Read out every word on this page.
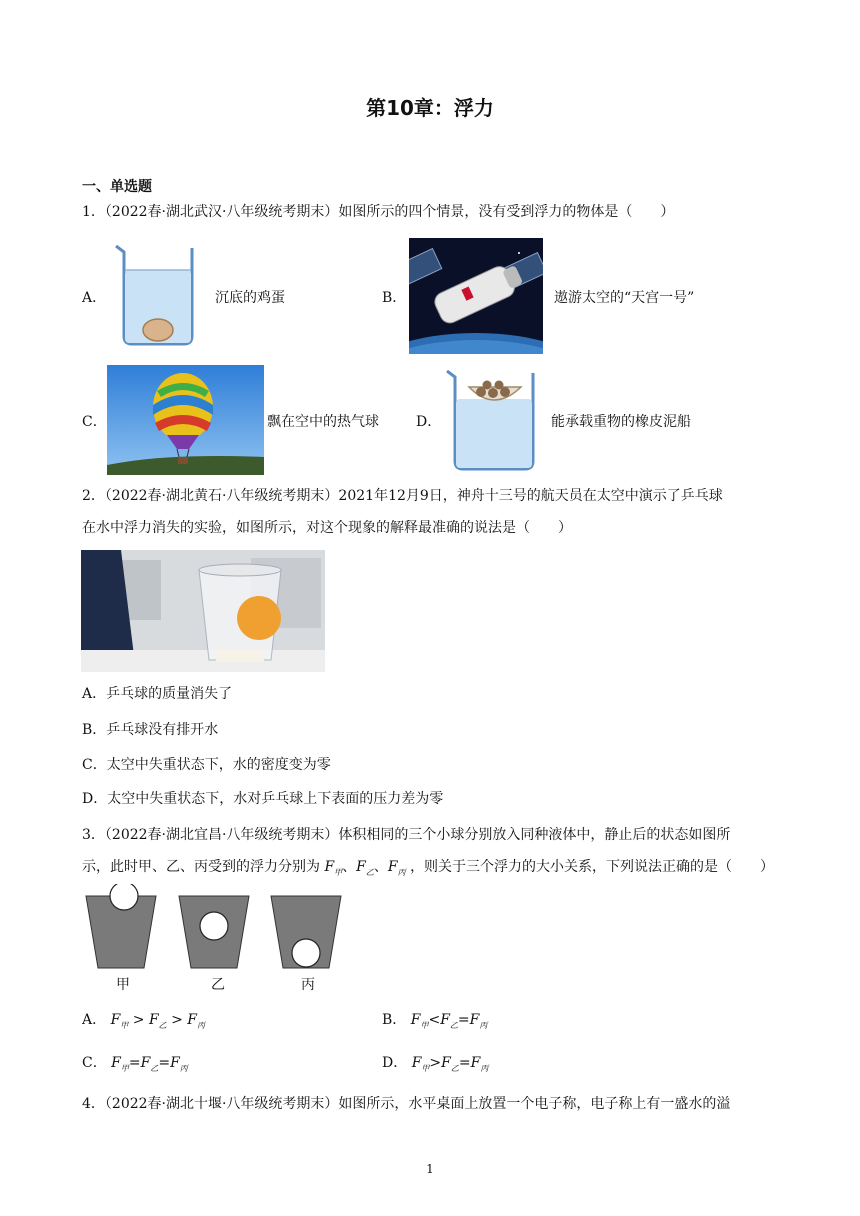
第10章：浮力
一、单选题
1．（2022春·湖北武汉·八年级统考期末）如图所示的四个情景，没有受到浮力的物体是（　　）
A．	沉底的鸡蛋	B．	遨游太空的“天宫一号”
C．	飘在空中的热气球	D．	能承载重物的橡皮泥船
2．（2022春·湖北黄石·八年级统考期末）2021年12月9日，神舟十三号的航天员在太空中演示了乒乓球
在水中浮力消失的实验，如图所示，对这个现象的解释最准确的说法是（　　）
A．乒乓球的质量消失了
B．乒乓球没有排开水
C．太空中失重状态下，水的密度变为零
D．太空中失重状态下，水对乒乓球上下表面的压力差为零
3．（2022春·湖北宜昌·八年级统考期末）体积相同的三个小球分别放入同种液体中，静止后的状态如图所
示，此时甲、乙、丙受到的浮力分别为 $F_甲$、$F_乙$、$F_丙$ ，则关于三个浮力的大小关系，下列说法正确的是（　　）
甲	乙	丙
A． $F_甲 > F_乙 > F_丙$	B． $F_甲<F_乙=F_丙$
C． $F_甲=F_乙=F_丙$	D． $F_甲>F_乙=F_丙$
4．（2022春·湖北十堰·八年级统考期末）如图所示，水平桌面上放置一个电子称，电子称上有一盛水的溢
1
